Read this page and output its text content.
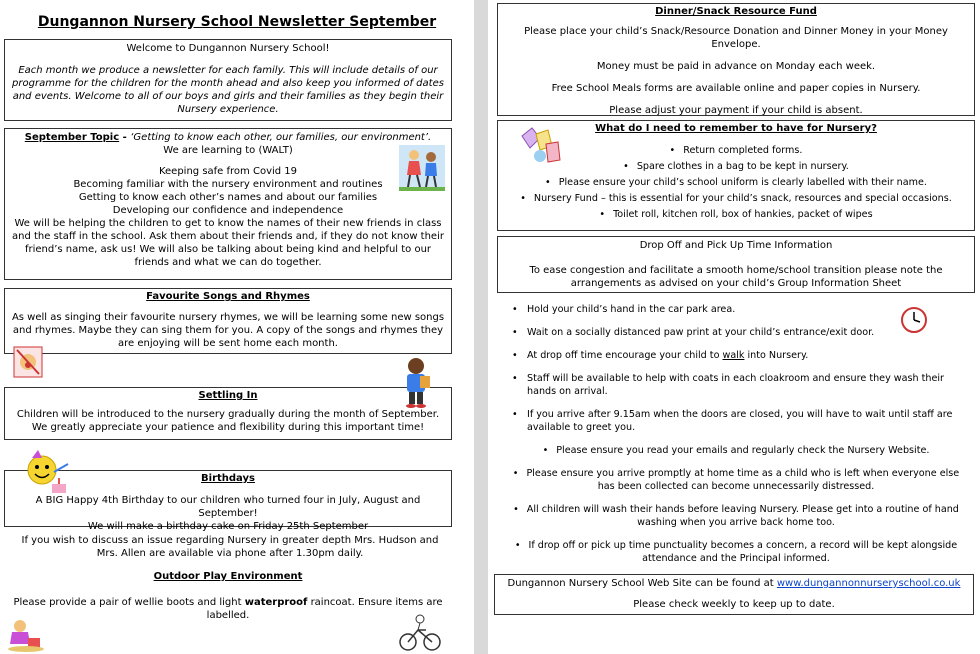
Dungannon Nursery School Newsletter September

Welcome to Dungannon Nursery School!

Each month we produce a newsletter for each family. This will include details of our programme for the children for the month ahead and also keep you informed of dates and events. Welcome to all of our boys and girls and their families as they begin their Nursery experience.

September Topic - ‘Getting to know each other, our families, our environment’.

We are learning to (WALT)

Keeping safe from Covid 19

Becoming familiar with the nursery environment and routines

Getting to know each other’s names and about our families

Developing our confidence and independence

We will be helping the children to get to know the names of their new friends in class and the staff in the school. Ask them about their friends and, if they do not know their friend’s name, ask us! We will also be talking about being kind and helpful to our friends and what we can do together.

Favourite Songs and Rhymes

As well as singing their favourite nursery rhymes, we will be learning some new songs and rhymes. Maybe they can sing them for you. A copy of the songs and rhymes they are enjoying will be sent home each month.

Settling In

Children will be introduced to the nursery gradually during the month of September. We greatly appreciate your patience and flexibility during this important time!

Birthdays

A BIG Happy 4th Birthday to our children who turned four in July, August and September!

We will make a birthday cake on Friday 25th September

If you wish to discuss an issue regarding Nursery in greater depth Mrs. Hudson and Mrs. Allen are available via phone after 1.30pm daily.

Outdoor Play Environment

Please provide a pair of wellie boots and light waterproof raincoat. Ensure items are labelled.

Dinner/Snack Resource Fund

Please place your child’s Snack/Resource Donation and Dinner Money in your Money Envelope.

Money must be paid in advance on Monday each week.

Free School Meals forms are available online and paper copies in Nursery.

Please adjust your payment if your child is absent.

What do I need to remember to have for Nursery?

• Return completed forms.
• Spare clothes in a bag to be kept in nursery.
• Please ensure your child’s school uniform is clearly labelled with their name.
• Nursery Fund – this is essential for your child’s snack, resources and special occasions.
• Toilet roll, kitchen roll, box of hankies, packet of wipes

Drop Off and Pick Up Time Information

To ease congestion and facilitate a smooth home/school transition please note the arrangements as advised on your child’s Group Information Sheet

• Hold your child’s hand in the car park area.
• Wait on a socially distanced paw print at your child’s entrance/exit door.
• At drop off time encourage your child to walk into Nursery.
• Staff will be available to help with coats in each cloakroom and ensure they wash their hands on arrival.
• If you arrive after 9.15am when the doors are closed, you will have to wait until staff are available to greet you.
• Please ensure you read your emails and regularly check the Nursery Website.
• Please ensure you arrive promptly at home time as a child who is left when everyone else has been collected can become unnecessarily distressed.
• All children will wash their hands before leaving Nursery. Please get into a routine of hand washing when you arrive back home too.
• If drop off or pick up time punctuality becomes a concern, a record will be kept alongside attendance and the Principal informed.

Dungannon Nursery School Web Site can be found at www.dungannonnurseryschool.co.uk

Please check weekly to keep up to date.
